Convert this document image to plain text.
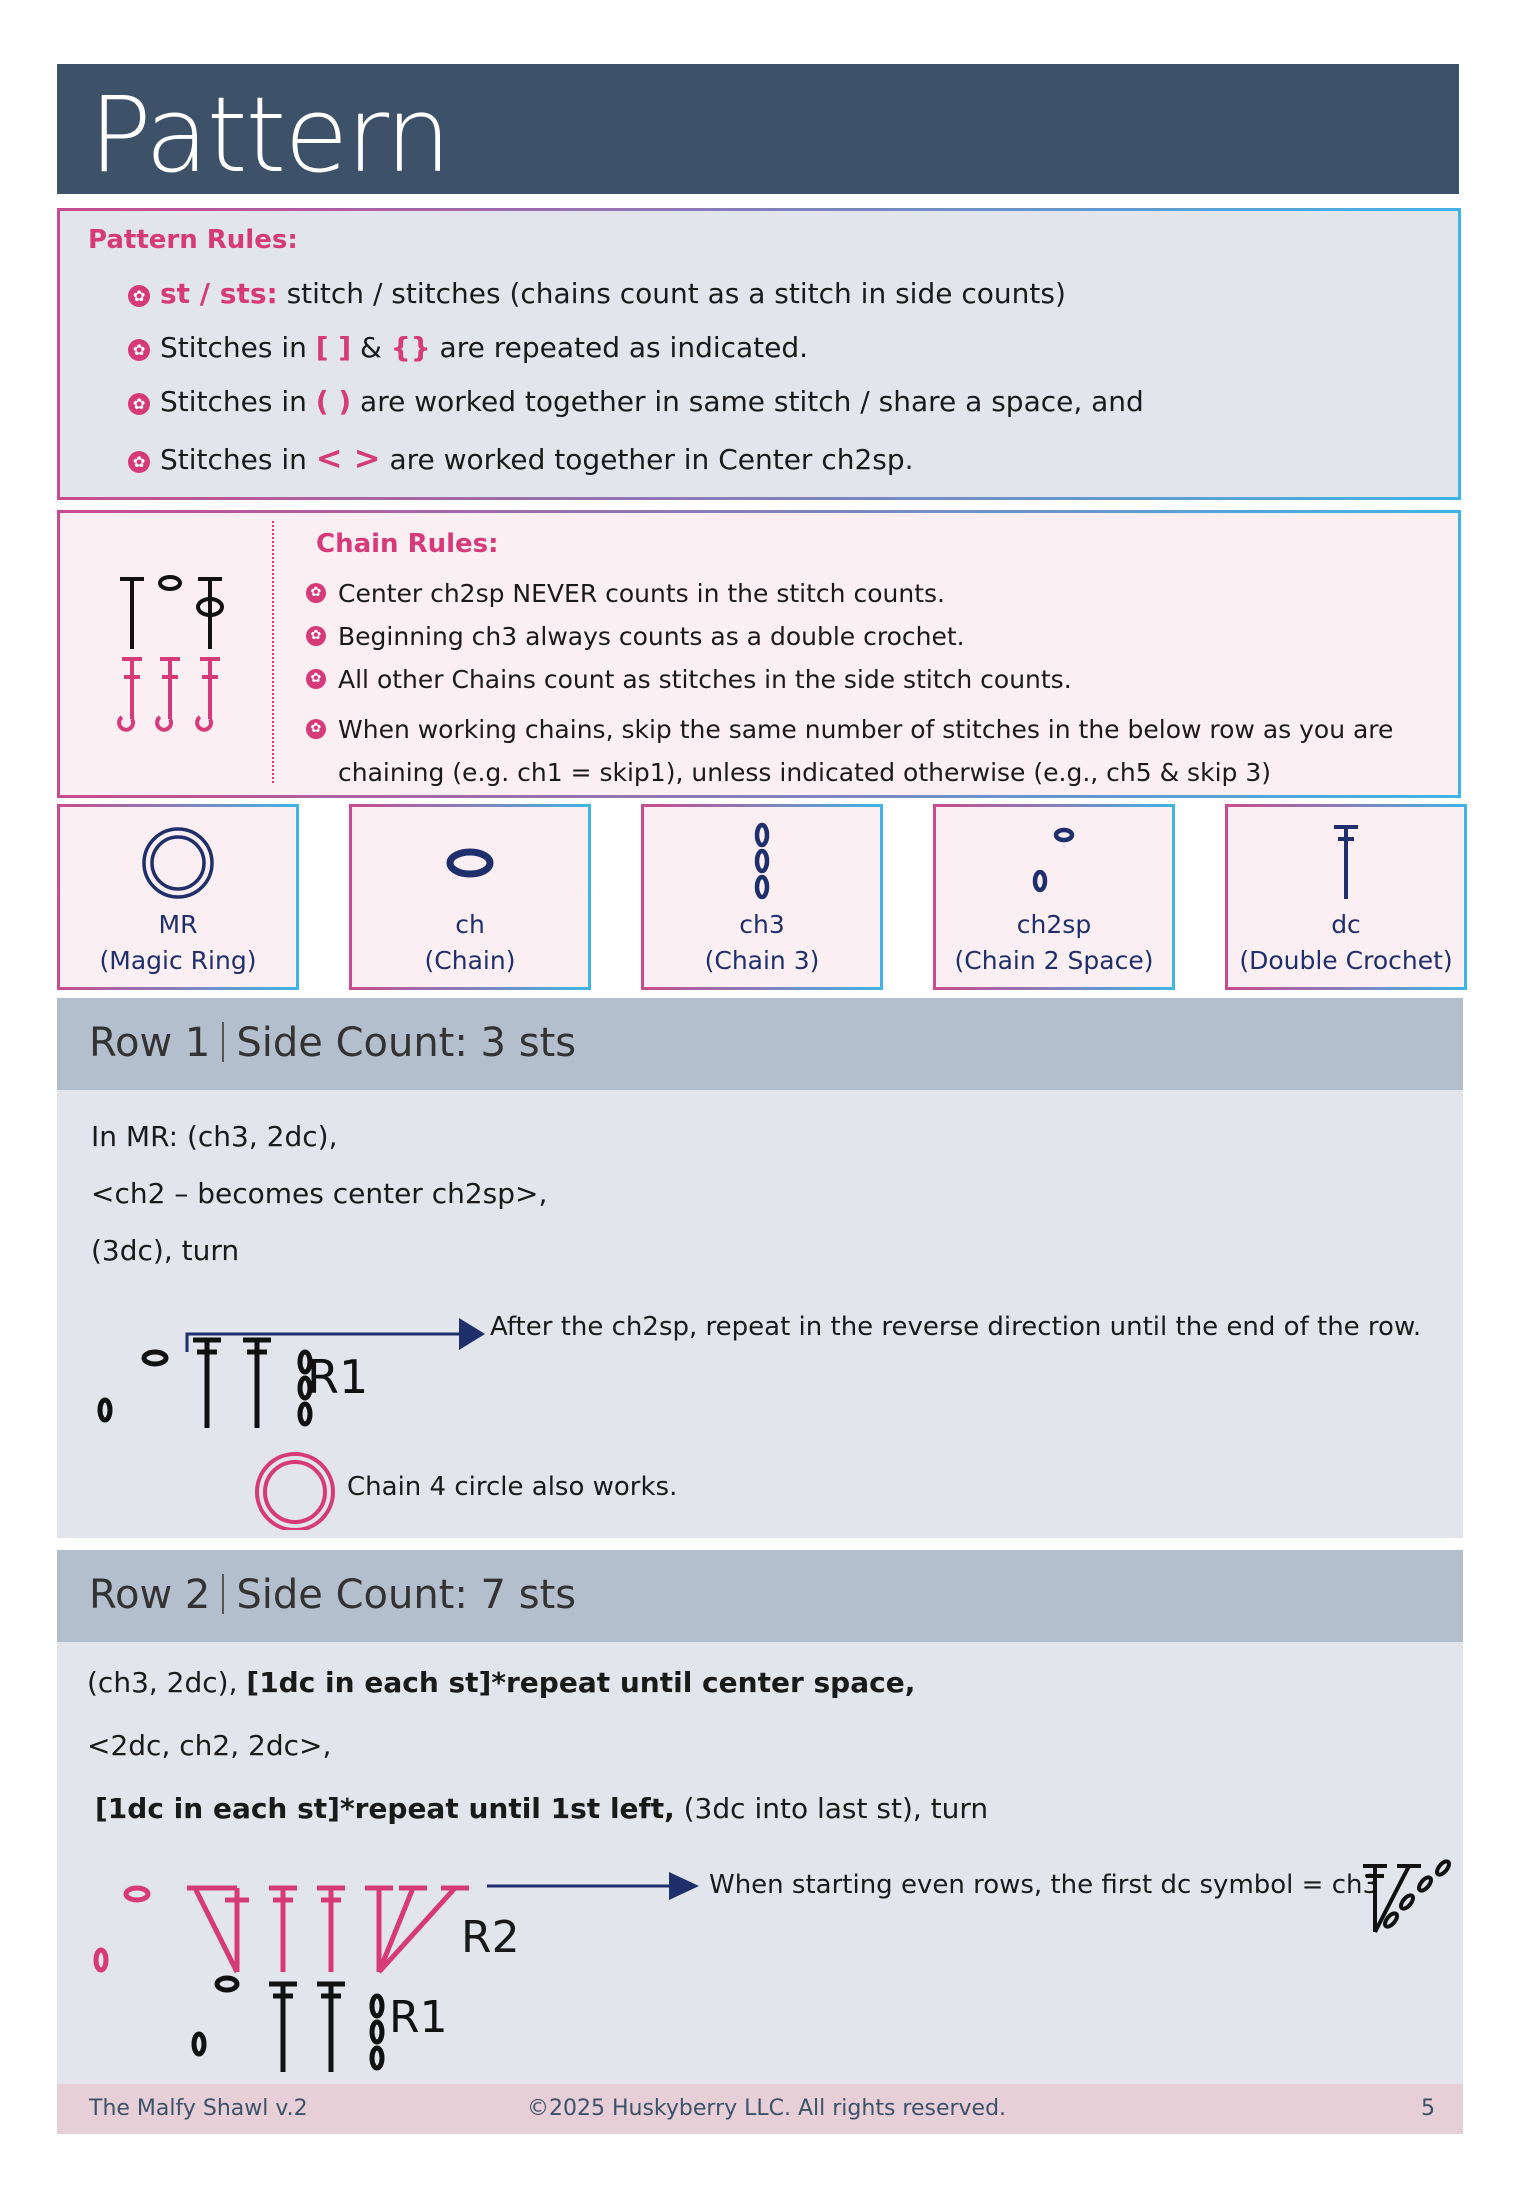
Pattern
Pattern Rules:
✿ st / sts: stitch / stitches (chains count as a stitch in side counts)
✿ Stitches in [ ] & {} are repeated as indicated.
✿ Stitches in ( ) are worked together in same stitch / share a space, and
✿ Stitches in < > are worked together in Center ch2sp.
Chain Rules:
✿ Center ch2sp NEVER counts in the stitch counts.
✿ Beginning ch3 always counts as a double crochet.
✿ All other Chains count as stitches in the side stitch counts.
✿ When working chains, skip the same number of stitches in the below row as you are chaining (e.g. ch1 = skip1), unless indicated otherwise (e.g., ch5 & skip 3)
MR
(Magic Ring)
ch
(Chain)
ch3
(Chain 3)
ch2sp
(Chain 2 Space)
dc
(Double Crochet)
Row 1 Side Count: 3 sts
In MR: (ch3, 2dc),
<ch2 – becomes center ch2sp>,
(3dc), turn
R1
After the ch2sp, repeat in the reverse direction until the end of the row.
Chain 4 circle also works.
Row 2 Side Count: 7 sts
(ch3, 2dc), [1dc in each st]*repeat until center space,
<2dc, ch2, 2dc>,
[1dc in each st]*repeat until 1st left, (3dc into last st), turn
R2
R1
When starting even rows, the first dc symbol = ch3
The Malfy Shawl v.2	©2025 Huskyberry LLC. All rights reserved.	5
